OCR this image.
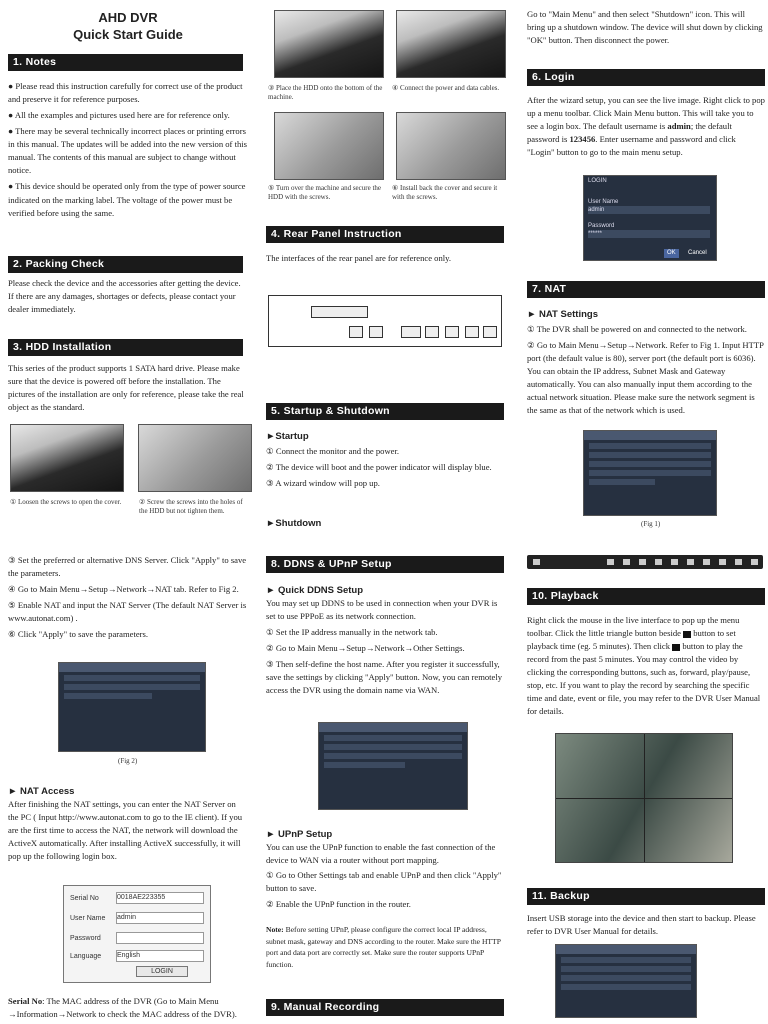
AHD DVR
Quick Start Guide
1. Notes

● Please read this instruction carefully for correct use of the product and preserve it for reference purposes.

● All the examples and pictures used here are for reference only.

● There may be several technically incorrect places or printing errors in this manual. The updates will be added into the new version of this manual. The contents of this manual are subject to change without notice.

● This device should be operated only from the type of power source indicated on the marking label. The voltage of the power must be verified before using the same.

2. Packing Check
Please check the device and the accessories after getting the device. If there are any damages, shortages or defects, please contact your dealer immediately.
3. HDD Installation
This series of the product supports 1 SATA hard drive. Please make sure that the device is powered off before the installation. The pictures of the installation are only for reference, please take the real object as the standard.
① Loosen the screws to open the cover.	② Screw the screws into the holes of the HDD but not tighten them.

③ Set the preferred or alternative DNS Server. Click "Apply" to save the parameters.

④ Go to Main Menu→Setup→Network→NAT tab. Refer to Fig 2.

⑤ Enable NAT and input the NAT Server (The default NAT Server is www.autonat.com) .

⑥ Click "Apply" to save the parameters.

(Fig 2)
► NAT Access
After finishing the NAT settings, you can enter the NAT Server on the PC ( Input http://www.autonat.com to go to the IE client). If you are the first time to access the NAT, the network will download the ActiveX automatically. After installing ActiveX successfully, it will pop up the following login box.
Serial No	0018AE223355
User Name admin
Password
Language English
LOGIN
Serial No: The MAC address of the DVR (Go to Main Menu →Information→Network to check the MAC address of the DVR).
③ Place the HDD onto the bottom of the machine.
④ Connect the power and data cables.
⑤ Turn over the machine and secure the HDD with the screws.
⑥ Install back the cover and secure it with the screws.
4. Rear Panel Instruction
The interfaces of the rear panel are for reference only.
5. Startup & Shutdown
►Startup

① Connect the monitor and the power.

② The device will boot and the power indicator will display blue.

③ A wizard window will pop up.

►Shutdown
8. DDNS & UPnP Setup
► Quick DDNS Setup
You may set up DDNS to be used in connection when your DVR is set to use PPPoE as its network connection.

① Set the IP address manually in the network tab.

② Go to Main Menu→Setup→Network→Other Settings.

③ Then self-define the host name. After you register it successfully, save the settings by clicking "Apply" button. Now, you can remotely access the DVR using the domain name via WAN.

► UPnP Setup
You can use the UPnP function to enable the fast connection of the device to WAN via a router without port mapping.

① Go to Other Settings tab and enable UPnP and then click "Apply" button to save.

② Enable the UPnP function in the router.

Note: Before setting UPnP, please configure the correct local IP address, subnet mask, gateway and DNS according to the router. Make sure the HTTP port and data port are correctly set. Make sure the router supports UPnP function.
9. Manual Recording
Go to "Main Menu" and then select "Shutdown" icon. This will bring up a shutdown window. The device will shut down by clicking "OK" button. Then disconnect the power.
6. Login
After the wizard setup, you can see the live image. Right click to pop up a menu toolbar. Click Main Menu button. This will take you to see a login box. The default username is admin; the default password is 123456. Enter username and password and click "Login" button to go to the main menu setup.
LOGIN
User Name
admin
Password
******
OK	Cancel
7. NAT
► NAT Settings

① The DVR shall be powered on and connected to the network.

② Go to Main Menu→Setup→Network. Refer to Fig 1. Input HTTP port (the default value is 80), server port (the default port is 6036). You can obtain the IP address, Subnet Mask and Gateway automatically. You can also manually input them according to the actual network situation. Please make sure the network segment is the same as that of the network which is used.

(Fig 1)
10. Playback
Right click the mouse in the live interface to pop up the menu toolbar. Click the little triangle button beside  button to set playback time (eg. 5 minutes). Then click  button to play the record from the past 5 minutes. You may control the video by clicking the corresponding buttons, such as, forward, play/pause, stop, etc. If you want to play the record by searching the specific time and date, event or file, you may refer to the DVR User Manual for details.
11. Backup
Insert USB storage into the device and then start to backup. Please refer to DVR User Manual for details.
